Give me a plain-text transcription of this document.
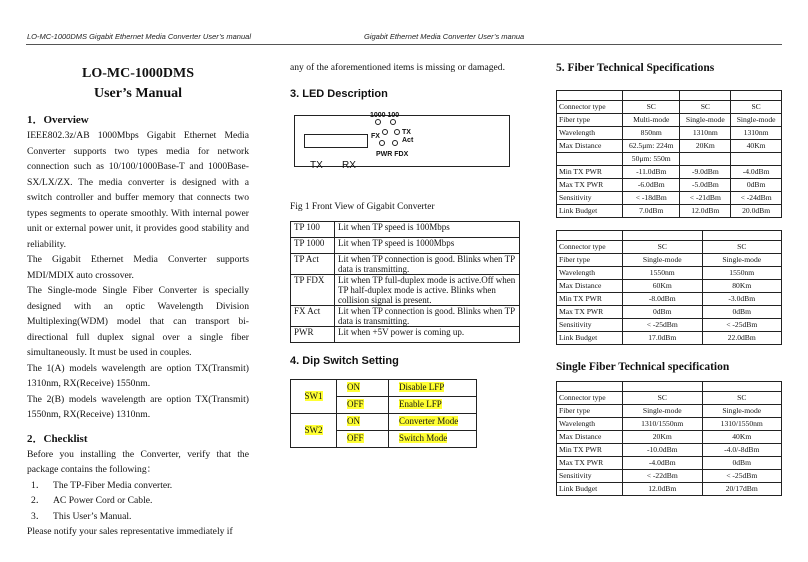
LO-MC-1000DMS Gigabit Ethernet Media Converter User’s manual	Gigabit Ethernet Media Converter User’s manua
LO-MC-1000DMS
User’s Manual
1．Overview

IEEE802.3z/AB 1000Mbps Gigabit Ethernet Media Converter supports two types media for network connection such as 10/100/1000Base-T and 1000Base-SX/LX/ZX. The media converter is designed with a switch controller and buffer memory that connects two types segments to operate smoothly. With internal power unit or external power unit, it provides good stability and reliability.

The Gigabit Ethernet Media Converter supports MDI/MDIX auto crossover.

The Single-mode Single Fiber Converter is specially designed with an optic Wavelength Division Multiplexing(WDM) model that can transport bi-directional full duplex signal over a single fiber simultaneously. It must be used in couples.

The 1(A) models wavelength are option TX(Transmit) 1310nm, RX(Receive) 1550nm.

The 2(B) models wavelength are option TX(Transmit) 1550nm, RX(Receive) 1310nm.

2．Checklist

Before you installing the Converter, verify that the package contains the following：

1． The TP-Fiber Media converter.
2． AC Power Cord or Cable.
3． This User’s Manual.

Please notify your sales representative immediately if

any of the aforementioned items is missing or damaged.

3. LED Description
TX RX
1000 100
FX
TX
Act
PWR FDX
Fig 1 Front View of Gigabit Converter
TP 100	Lit when TP speed is 100Mbps
TP 1000	Lit when TP speed is 1000Mbps
TP Act	Lit when TP connection is good. Blinks when TP data is transmitting.
TP FDX	Lit when TP full-duplex mode is active.Off when TP half-duplex mode is active. Blinks when collision signal is present.
FX Act	Lit when TP connection is good. Blinks when TP data is transmitting.
PWR	Lit when +5V power is coming up.
4. Dip Switch Setting
SW1	ON	Disable LFP
	OFF	Enable LFP
SW2	ON	Converter Mode
	OFF	Switch Mode
5. Fiber Technical Specifications

Connector type	SC	SC	SC
Fiber type	Multi-mode	Single-mode	Single-mode
Wavelength	850nm	1310nm	1310nm
Max Distance	62.5μm: 224m	20Km	40Km
	50μm: 550m		
Min TX PWR	-11.0dBm	-9.0dBm	-4.0dBm
Max TX PWR	-6.0dBm	-5.0dBm	0dBm
Sensitivity	< -18dBm	< -21dBm	< -24dBm
Link Budget	7.0dBm	12.0dBm	20.0dBm

Connector type	SC	SC
Fiber type	Single-mode	Single-mode
Wavelength	1550nm	1550nm
Max Distance	60Km	80Km
Min TX PWR	-8.0dBm	-3.0dBm
Max TX PWR	0dBm	0dBm
Sensitivity	< -25dBm	< -25dBm
Link Budget	17.0dBm	22.0dBm
Single Fiber Technical specification

Connector type	SC	SC
Fiber type	Single-mode	Single-mode
Wavelength	1310/1550nm	1310/1550nm
Max Distance	20Km	40Km
Min TX PWR	-10.0dBm	-4.0/-8dBm
Max TX PWR	-4.0dBm	0dBm
Sensitivity	< -22dBm	< -25dBm
Link Budget	12.0dBm	20/17dBm
